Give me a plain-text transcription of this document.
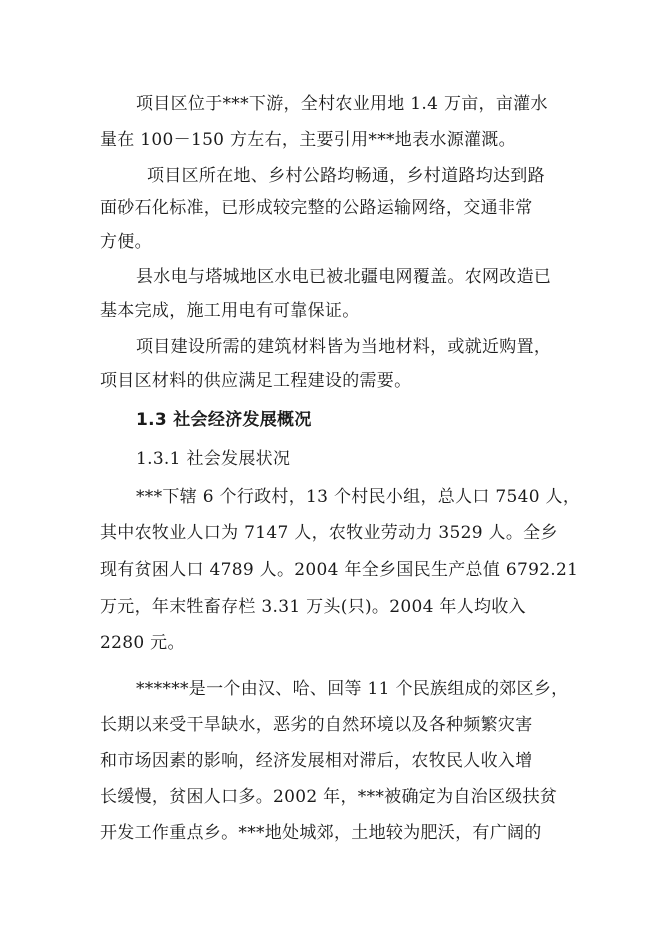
项目区位于***下游，全村农业用地 1.4 万亩，亩灌水
量在 100－150 方左右，主要引用***地表水源灌溉。
项目区所在地、乡村公路均畅通，乡村道路均达到路
面砂石化标准，已形成较完整的公路运输网络，交通非常
方便。
县水电与塔城地区水电已被北疆电网覆盖。农网改造已
基本完成，施工用电有可靠保证。
项目建设所需的建筑材料皆为当地材料，或就近购置，
项目区材料的供应满足工程建设的需要。
1.3 社会经济发展概况
1.3.1 社会发展状况
***下辖 6 个行政村，13 个村民小组，总人口 7540 人，
其中农牧业人口为 7147 人，农牧业劳动力 3529 人。全乡
现有贫困人口 4789 人。2004 年全乡国民生产总值 6792.21
万元，年末牲畜存栏 3.31 万头(只)。2004 年人均收入
2280 元。
******是一个由汉、哈、回等 11 个民族组成的郊区乡，
长期以来受干旱缺水，恶劣的自然环境以及各种频繁灾害
和市场因素的影响，经济发展相对滞后，农牧民人收入增
长缓慢，贫困人口多。2002 年，***被确定为自治区级扶贫
开发工作重点乡。***地处城郊，土地较为肥沃，有广阔的
